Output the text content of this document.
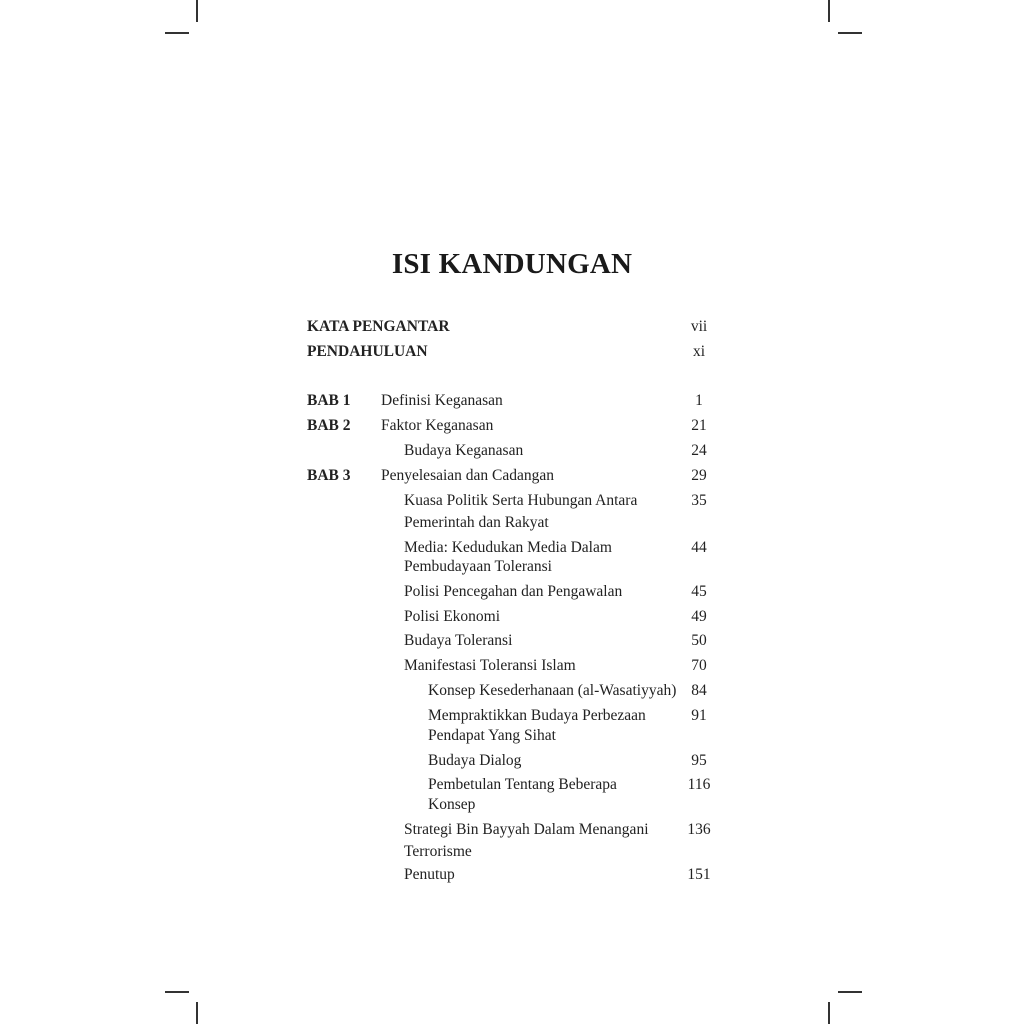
ISI KANDUNGAN
KATA PENGANTAR	vii
PENDAHULUAN	xi
BAB 1 Definisi Keganasan	1
BAB 2 Faktor Keganasan	21
Budaya Keganasan	24
BAB 3 Penyelesaian dan Cadangan	29
Kuasa Politik Serta Hubungan Antara	35
Pemerintah dan Rakyat
Media: Kedudukan Media Dalam	44
Pembudayaan Toleransi
Polisi Pencegahan dan Pengawalan	45
Polisi Ekonomi	49
Budaya Toleransi	50
Manifestasi Toleransi Islam	70
Konsep Kesederhanaan (al-Wasatiyyah) 84
Mempraktikkan Budaya Perbezaan	91
Pendapat Yang Sihat
Budaya Dialog	95
Pembetulan Tentang Beberapa	116
Konsep
Strategi Bin Bayyah Dalam Menangani	136
Terrorisme
Penutup	151
